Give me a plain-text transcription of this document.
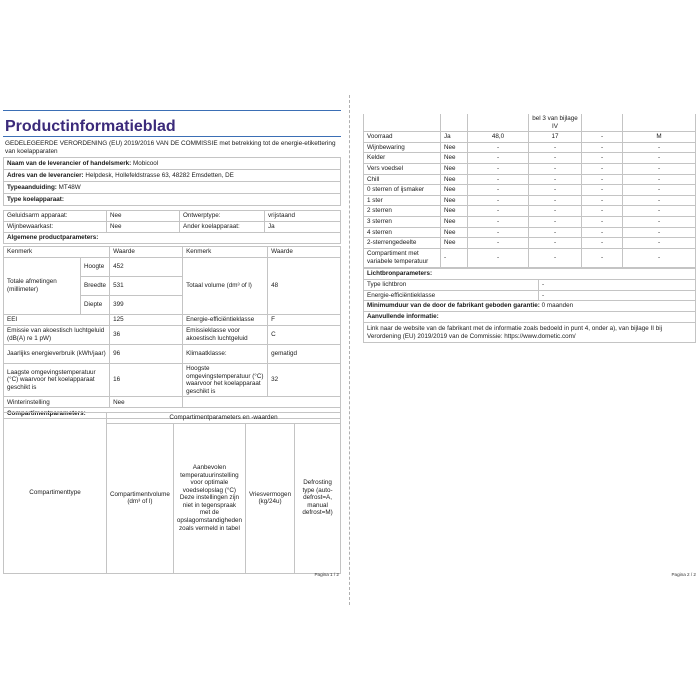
Productinformatieblad
GEDELEGEERDE VERORDENING (EU) 2019/2016 VAN DE COMMISSIE met betrekking tot de energie-etikettering van koelapparaten
Naam van de leverancier of handelsmerk: Mobicool
Adres van de leverancier: Helpdesk, Hollefeldstrasse 63, 48282 Emsdetten, DE
Typeaanduiding: MT48W
Type koelapparaat:
Geluidsarm apparaat:	Nee	Ontwerptype:	vrijstaand
Wijnbewaarkast:	Nee	Ander koelapparaat:	Ja
Algemene productparameters:			
Kenmerk		Waarde	Kenmerk	Waarde
Totale afmetingen (millimeter)	Hoogte	452	Totaal volume (dm³ of l)	48
	Breedte	531		
	Diepte	399		
EEI		125	Energie-efficiëntieklasse	F
Emissie van akoestisch luchtgeluid (dB(A) re 1 pW)		36	Emissieklasse voor akoestisch luchtgeluid	C
Jaarlijks energieverbruik (kWh/jaar)		96	Klimaatklasse:	gematigd
Laagste omgevingstemperatuur (°C) waarvoor het koelapparaat geschikt is		16	Hoogste omgevingstemperatuur (°C) waarvoor het koelapparaat geschikt is	32
Winterinstelling		Nee		
Compartimentparameters:				
Compartimenttype	Compartimentparameters en -waarden			
	Compartimentvolume (dm³ of l)	Aanbevolen temperatuurinstelling voor optimale voedselopslag (°C) Deze instellingen zijn niet in tegenspraak met de opslagomstandigheden zoals vermeld in tabel	Vriesvermogen (kg/24u)	Defrosting type (auto-defrost=A, manual defrost=M)
Pagina 1 / 2
			bel 3 van bijlage IV		
Voorraad	Ja	48,0	17	-	M
Wijnbewaring	Nee	-	-	-	-
Kelder	Nee	-	-	-	-
Vers voedsel	Nee	-	-	-	-
Chill	Nee	-	-	-	-
0 sterren of ijsmaker	Nee	-	-	-	-
1 ster	Nee	-	-	-	-
2 sterren	Nee	-	-	-	-
3 sterren	Nee	-	-	-	-
4 sterren	Nee	-	-	-	-
2-sterrengedeelte	Nee	-	-	-	-
Compartiment met variabele temperatuur	-	-	-	-	-
Lichtbronparameters:	
Type lichtbron	-
Energie-efficiëntieklasse	-
Minimumduur van de door de fabrikant geboden garantie: 0 maanden	
Aanvullende informatie:	
Link naar de website van de fabrikant met de informatie zoals bedoeld in punt 4, onder a), van bijlage II bij Verordening (EU) 2019/2019 van de Commissie: https://www.dometic.com/	
Pagina 2 / 2
